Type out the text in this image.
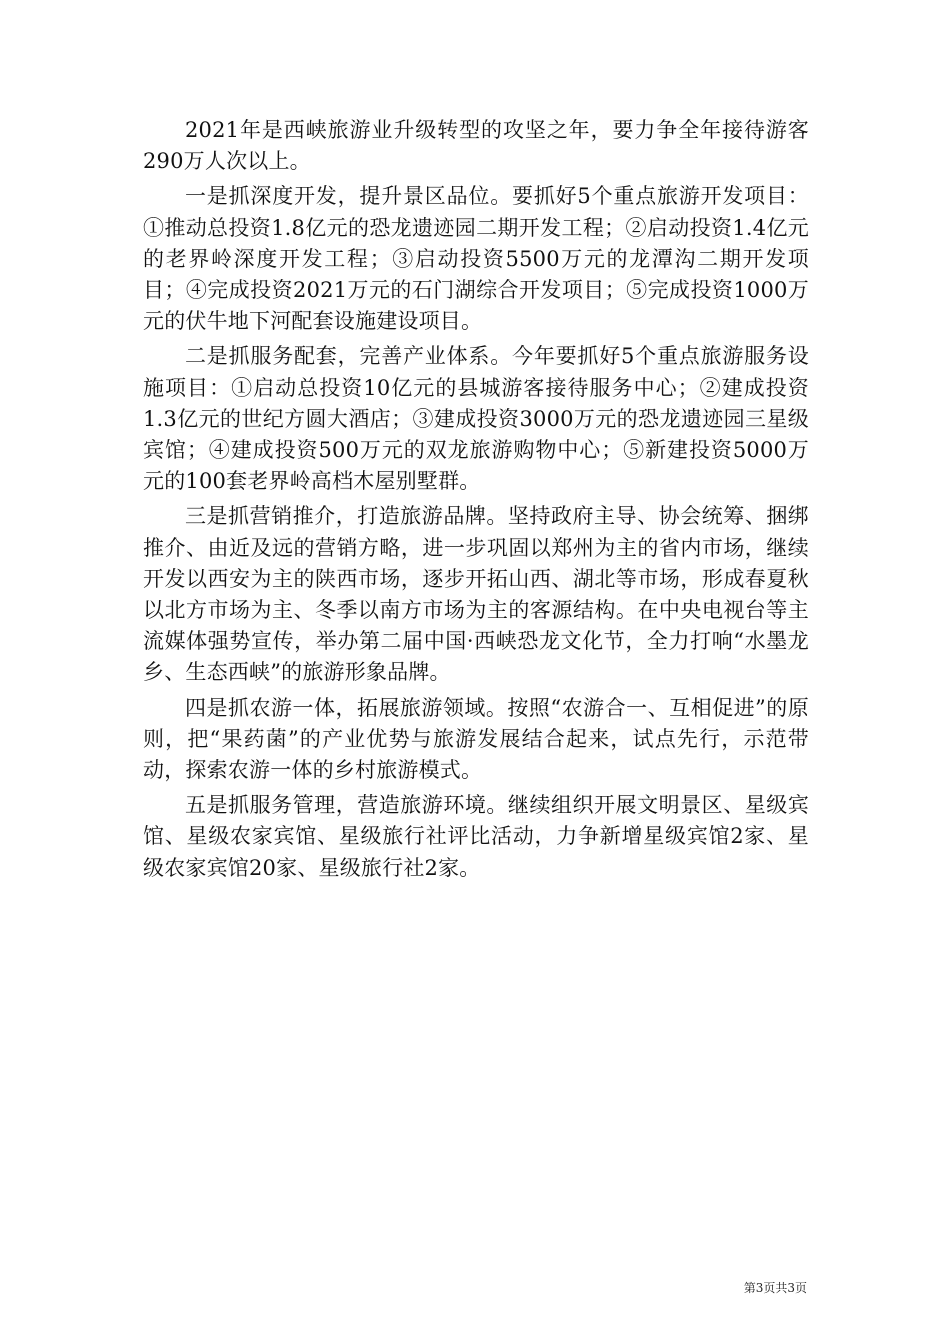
2021年是西峡旅游业升级转型的攻坚之年，要力争全年接待游客290万人次以上。

一是抓深度开发，提升景区品位。要抓好5个重点旅游开发项目：①推动总投资1.8亿元的恐龙遗迹园二期开发工程；②启动投资1.4亿元的老界岭深度开发工程；③启动投资5500万元的龙潭沟二期开发项目；④完成投资2021万元的石门湖综合开发项目；⑤完成投资1000万元的伏牛地下河配套设施建设项目。

二是抓服务配套，完善产业体系。今年要抓好5个重点旅游服务设施项目：①启动总投资10亿元的县城游客接待服务中心；②建成投资1.3亿元的世纪方圆大酒店；③建成投资3000万元的恐龙遗迹园三星级宾馆；④建成投资500万元的双龙旅游购物中心；⑤新建投资5000万元的100套老界岭高档木屋别墅群。

三是抓营销推介，打造旅游品牌。坚持政府主导、协会统筹、捆绑推介、由近及远的营销方略，进一步巩固以郑州为主的省内市场，继续开发以西安为主的陕西市场，逐步开拓山西、湖北等市场，形成春夏秋以北方市场为主、冬季以南方市场为主的客源结构。在中央电视台等主流媒体强势宣传，举办第二届中国·西峡恐龙文化节，全力打响“水墨龙乡、生态西峡”的旅游形象品牌。

四是抓农游一体，拓展旅游领域。按照“农游合一、互相促进”的原则，把“果药菌”的产业优势与旅游发展结合起来，试点先行，示范带动，探索农游一体的乡村旅游模式。

五是抓服务管理，营造旅游环境。继续组织开展文明景区、星级宾馆、星级农家宾馆、星级旅行社评比活动，力争新增星级宾馆2家、星级农家宾馆20家、星级旅行社2家。

第3页共3页
